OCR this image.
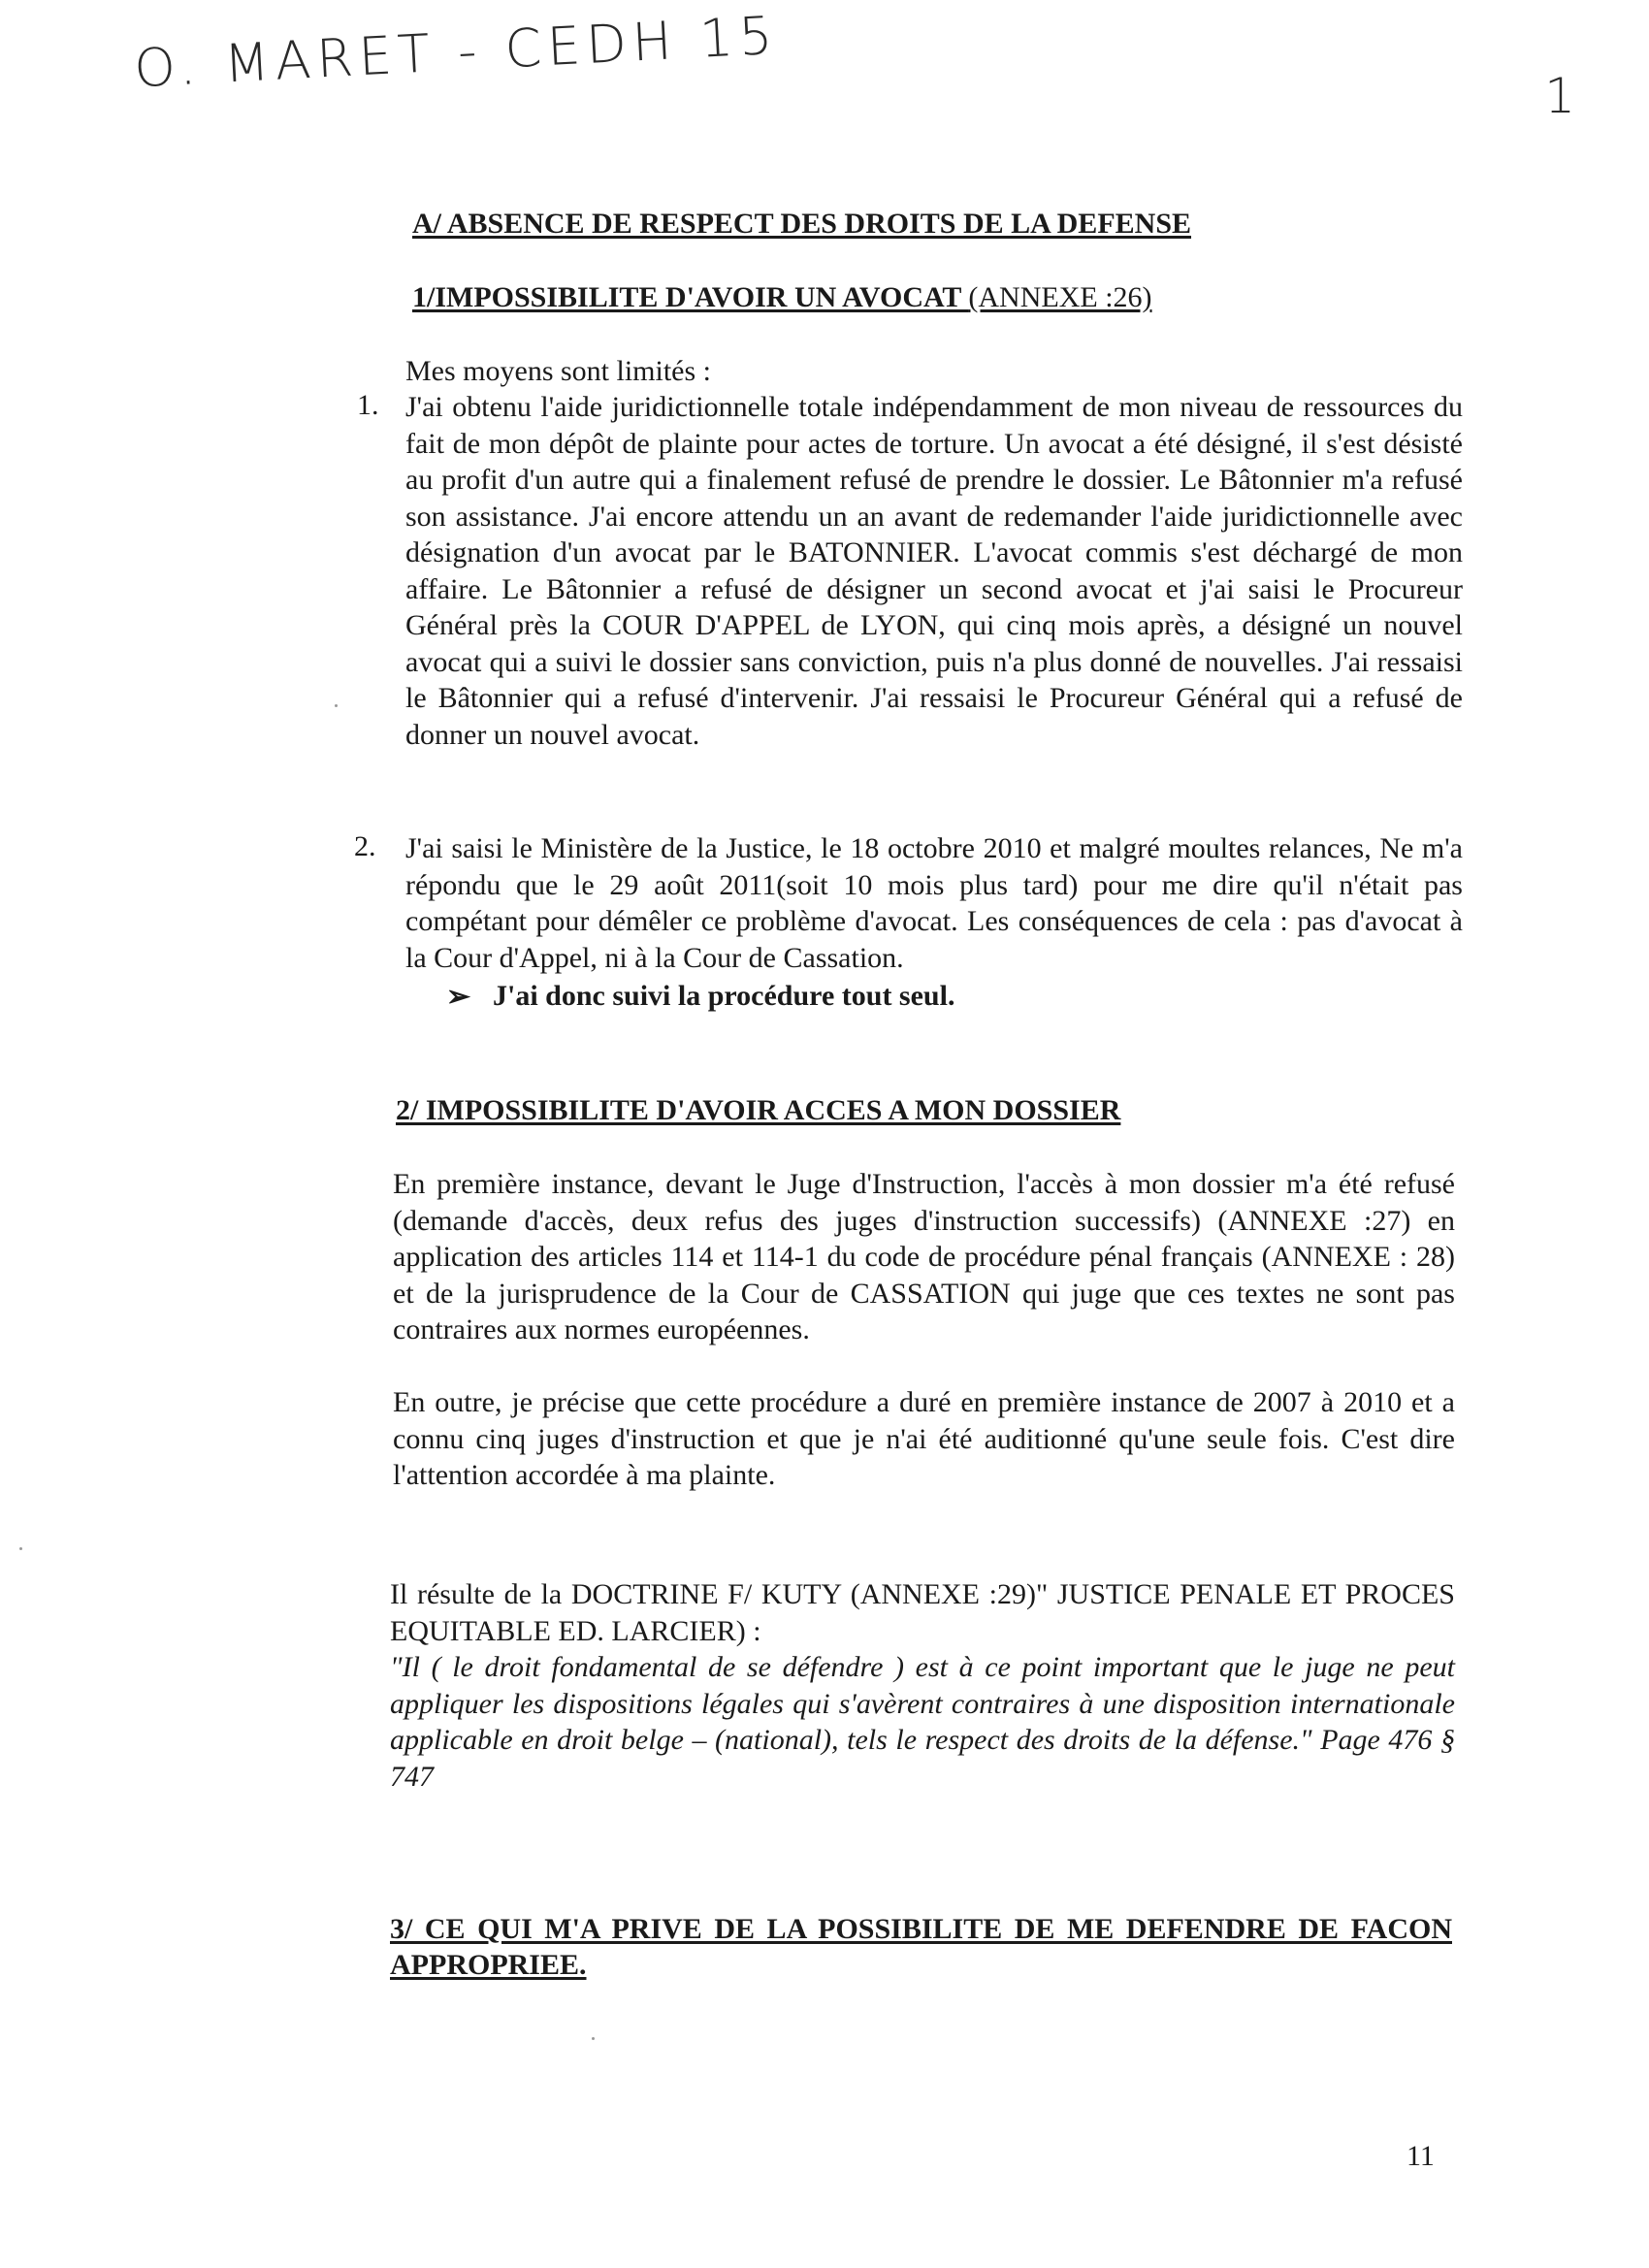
O. MARET - CEDH 15	1
A/ ABSENCE DE RESPECT DES DROITS DE LA DEFENSE
1/IMPOSSIBILITE D'AVOIR UN AVOCAT (ANNEXE :26)
Mes moyens sont limités :
1. J'ai obtenu l'aide juridictionnelle totale indépendamment de mon niveau de ressources du fait de mon dépôt de plainte pour actes de torture. Un avocat a été désigné, il s'est désisté au profit d'un autre qui a finalement refusé de prendre le dossier. Le Bâtonnier m'a refusé son assistance. J'ai encore attendu un an avant de redemander l'aide juridictionnelle avec désignation d'un avocat par le BATONNIER. L'avocat commis s'est déchargé de mon affaire. Le Bâtonnier a refusé de désigner un second avocat et j'ai saisi le Procureur Général près la COUR D'APPEL de LYON, qui cinq mois après, a désigné un nouvel avocat qui a suivi le dossier sans conviction, puis n'a plus donné de nouvelles. J'ai ressaisi le Bâtonnier qui a refusé d'intervenir. J'ai ressaisi le Procureur Général qui a refusé de donner un nouvel avocat.
2. J'ai saisi le Ministère de la Justice, le 18 octobre 2010 et malgré moultes relances, Ne m'a répondu que le 29 août 2011(soit 10 mois plus tard) pour me dire qu'il n'était pas compétant pour démêler ce problème d'avocat. Les conséquences de cela : pas d'avocat à la Cour d'Appel, ni à la Cour de Cassation.
➢ J'ai donc suivi la procédure tout seul.
2/ IMPOSSIBILITE D'AVOIR ACCES A MON DOSSIER
En première instance, devant le Juge d'Instruction, l'accès à mon dossier m'a été refusé (demande d'accès, deux refus des juges d'instruction successifs) (ANNEXE :27) en application des articles 114 et 114-1 du code de procédure pénal français (ANNEXE : 28) et de la jurisprudence de la Cour de CASSATION qui juge que ces textes ne sont pas contraires aux normes européennes.
En outre, je précise que cette procédure a duré en première instance de 2007 à 2010 et a connu cinq juges d'instruction et que je n'ai été auditionné qu'une seule fois. C'est dire l'attention accordée à ma plainte.
Il résulte de la DOCTRINE F/ KUTY (ANNEXE :29)" JUSTICE PENALE ET PROCES EQUITABLE ED. LARCIER) :
"Il ( le droit fondamental de se défendre ) est à ce point important que le juge ne peut appliquer les dispositions légales qui s'avèrent contraires à une disposition internationale applicable en droit belge – (national), tels le respect des droits de la défense." Page 476 § 747
3/ CE QUI M'A PRIVE DE LA POSSIBILITE DE ME DEFENDRE DE FACON APPROPRIEE.
11
